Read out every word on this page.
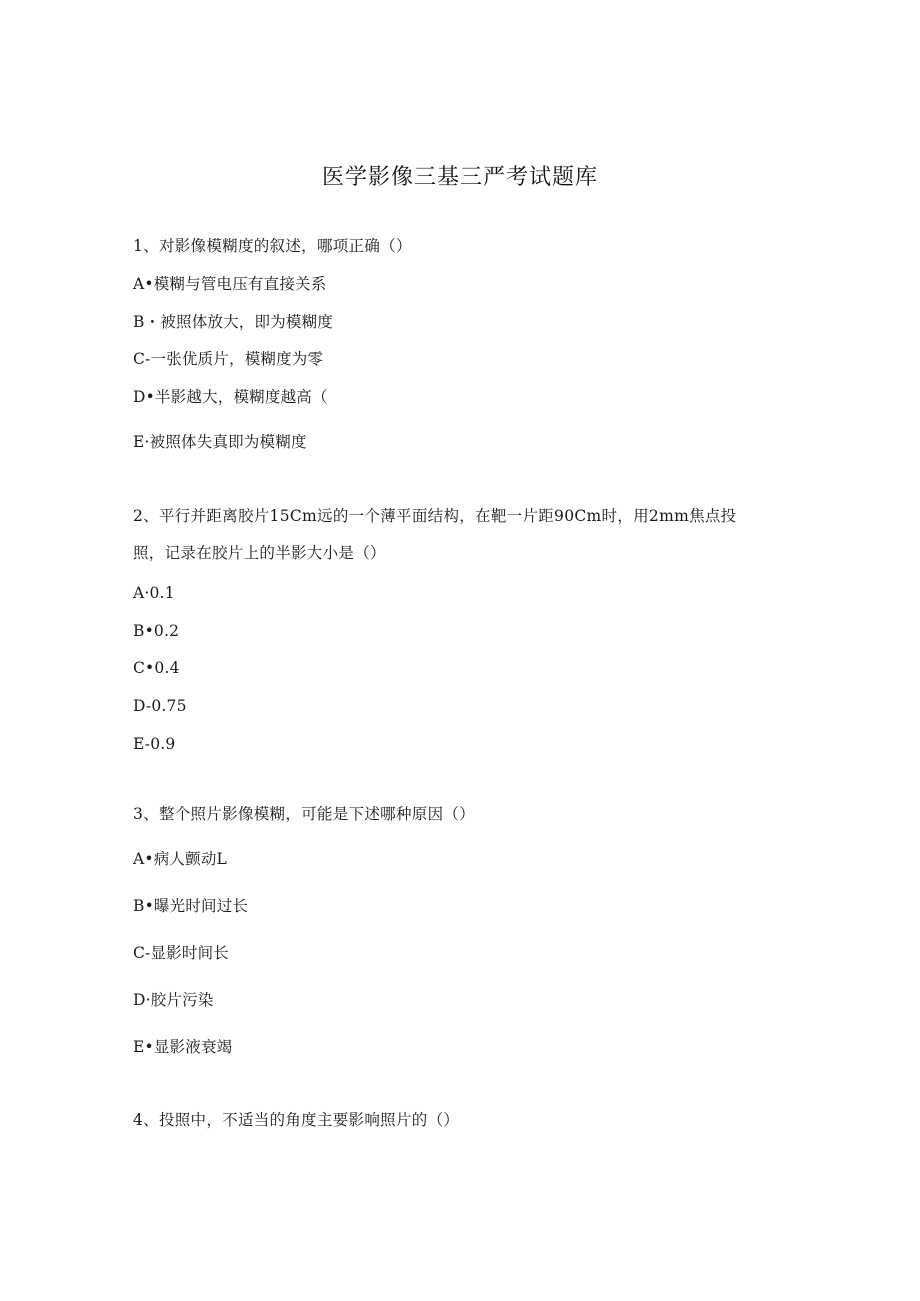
医学影像三基三严考试题库
1、对影像模糊度的叙述，哪项正确（）
A•模糊与管电压有直接关系
B・被照体放大，即为模糊度
C-一张优质片，模糊度为零
D•半影越大，模糊度越高（
E·被照体失真即为模糊度
2、平行并距离胶片15Cm远的一个薄平面结构，在靶一片距90Cm时，用2mm焦点投
照，记录在胶片上的半影大小是（）
A·0.1
B•0.2
C•0.4
D-0.75
E-0.9
3、整个照片影像模糊，可能是下述哪种原因（）
A•病人颤动L
B•曝光时间过长
C-显影时间长
D·胶片污染
E•显影液衰竭
4、投照中，不适当的角度主要影响照片的（）
